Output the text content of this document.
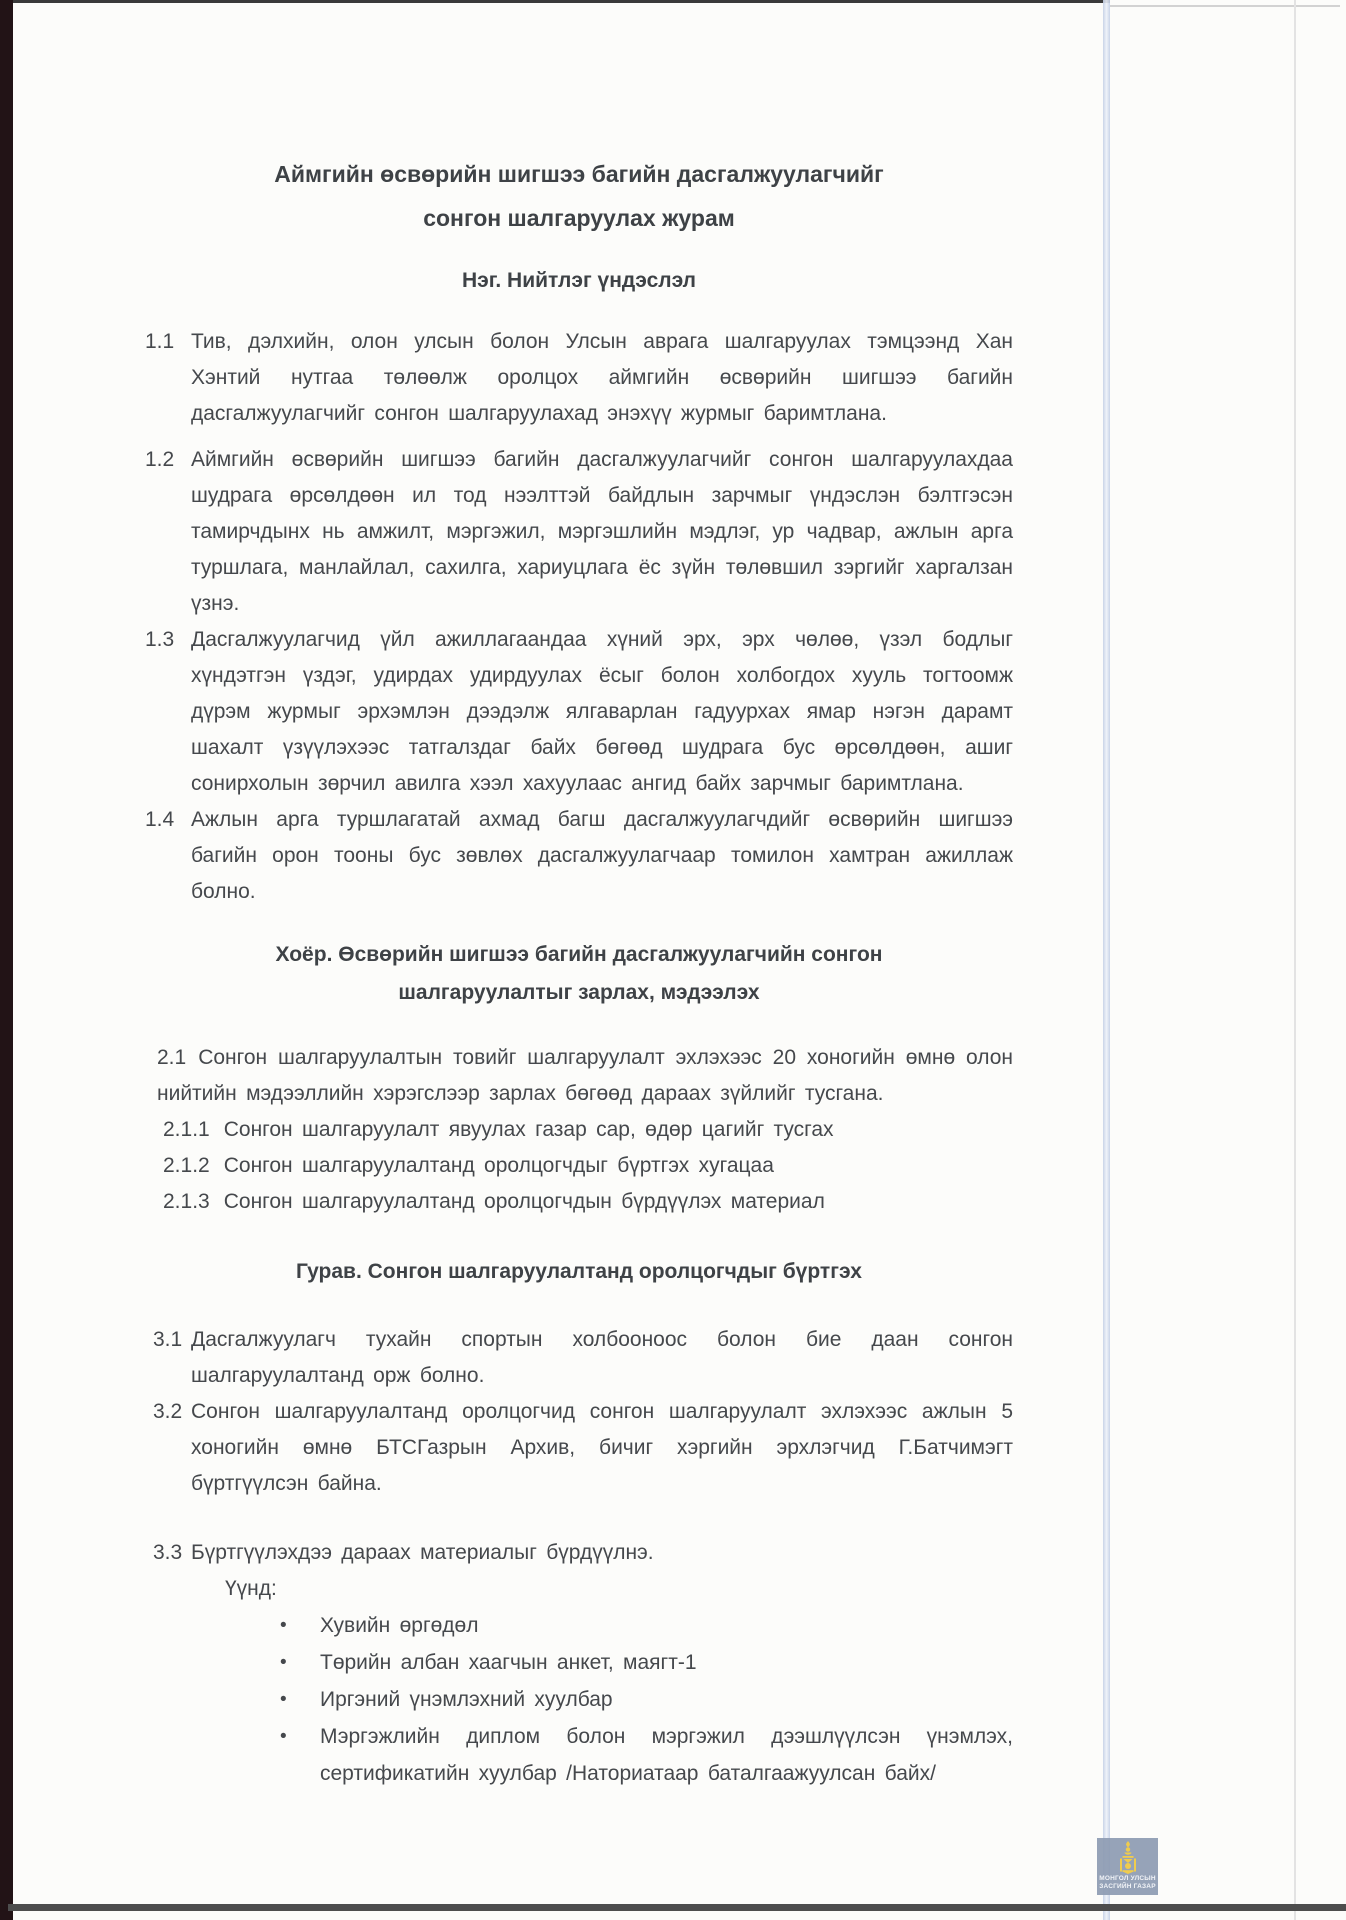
Аймгийн өсвөрийн шигшээ багийн дасгалжуулагчийг
сонгон шалгаруулах журам
Нэг. Нийтлэг үндэслэл
1.1 Тив, дэлхийн, олон улсын болон Улсын аврага шалгаруулах тэмцээнд Хан Хэнтий нутгаа төлөөлж оролцох аймгийн өсвөрийн шигшээ багийн дасгалжуулагчийг сонгон шалгаруулахад энэхүү журмыг баримтлана.
1.2 Аймгийн өсвөрийн шигшээ багийн дасгалжуулагчийг сонгон шалгаруулахдаа шудрага өрсөлдөөн ил тод нээлттэй байдлын зарчмыг үндэслэн бэлтгэсэн тамирчдынх нь амжилт, мэргэжил, мэргэшлийн мэдлэг, ур чадвар, ажлын арга туршлага, манлайлал, сахилга, хариуцлага ёс зүйн төлөвшил зэргийг харгалзан үзнэ.
1.3 Дасгалжуулагчид үйл ажиллагаандаа хүний эрх, эрх чөлөө, үзэл бодлыг хүндэтгэн үздэг, удирдах удирдуулах ёсыг болон холбогдох хууль тогтоомж дүрэм журмыг эрхэмлэн дээдэлж ялгаварлан гадуурхах ямар нэгэн дарамт шахалт үзүүлэхээс татгалздаг байх бөгөөд шудрага бус өрсөлдөөн, ашиг сонирхолын зөрчил авилга хээл хахуулаас ангид байх зарчмыг баримтлана.
1.4 Ажлын арга туршлагатай ахмад багш дасгалжуулагчдийг өсвөрийн шигшээ багийн орон тооны бус зөвлөх дасгалжуулагчаар томилон хамтран ажиллаж болно.
Хоёр. Өсвөрийн шигшээ багийн дасгалжуулагчийн сонгон
шалгаруулалтыг зарлах, мэдээлэх
2.1 Сонгон шалгаруулалтын товийг шалгаруулалт эхлэхээс 20 хоногийн өмнө олон нийтийн мэдээллийн хэрэгслээр зарлах бөгөөд дараах зүйлийг тусгана.
2.1.1 Сонгон шалгаруулалт явуулах газар сар, өдөр цагийг тусгах
2.1.2 Сонгон шалгаруулалтанд оролцогчдыг бүртгэх хугацаа
2.1.3 Сонгон шалгаруулалтанд оролцогчдын бүрдүүлэх материал
Гурав. Сонгон шалгаруулалтанд оролцогчдыг бүртгэх
3.1 Дасгалжуулагч тухайн спортын холбооноос болон бие даан сонгон шалгаруулалтанд орж болно.
3.2 Сонгон шалгаруулалтанд оролцогчид сонгон шалгаруулалт эхлэхээс ажлын 5 хоногийн өмнө БТСГазрын Архив, бичиг хэргийн эрхлэгчид Г.Батчимэгт бүртгүүлсэн байна.
3.3 Бүртгүүлэхдээ дараах материалыг бүрдүүлнэ.
Үүнд:
•	Хувийн өргөдөл
•	Төрийн албан хаагчын анкет, маягт-1
•	Иргэний үнэмлэхний хуулбар
•	Мэргэжлийн диплом болон мэргэжил дээшлүүлсэн үнэмлэх, сертификатийн хуулбар /Наториатаар баталгаажуулсан байх/
МОНГОЛ УЛСЫН
ЗАСГИЙН ГАЗАР
